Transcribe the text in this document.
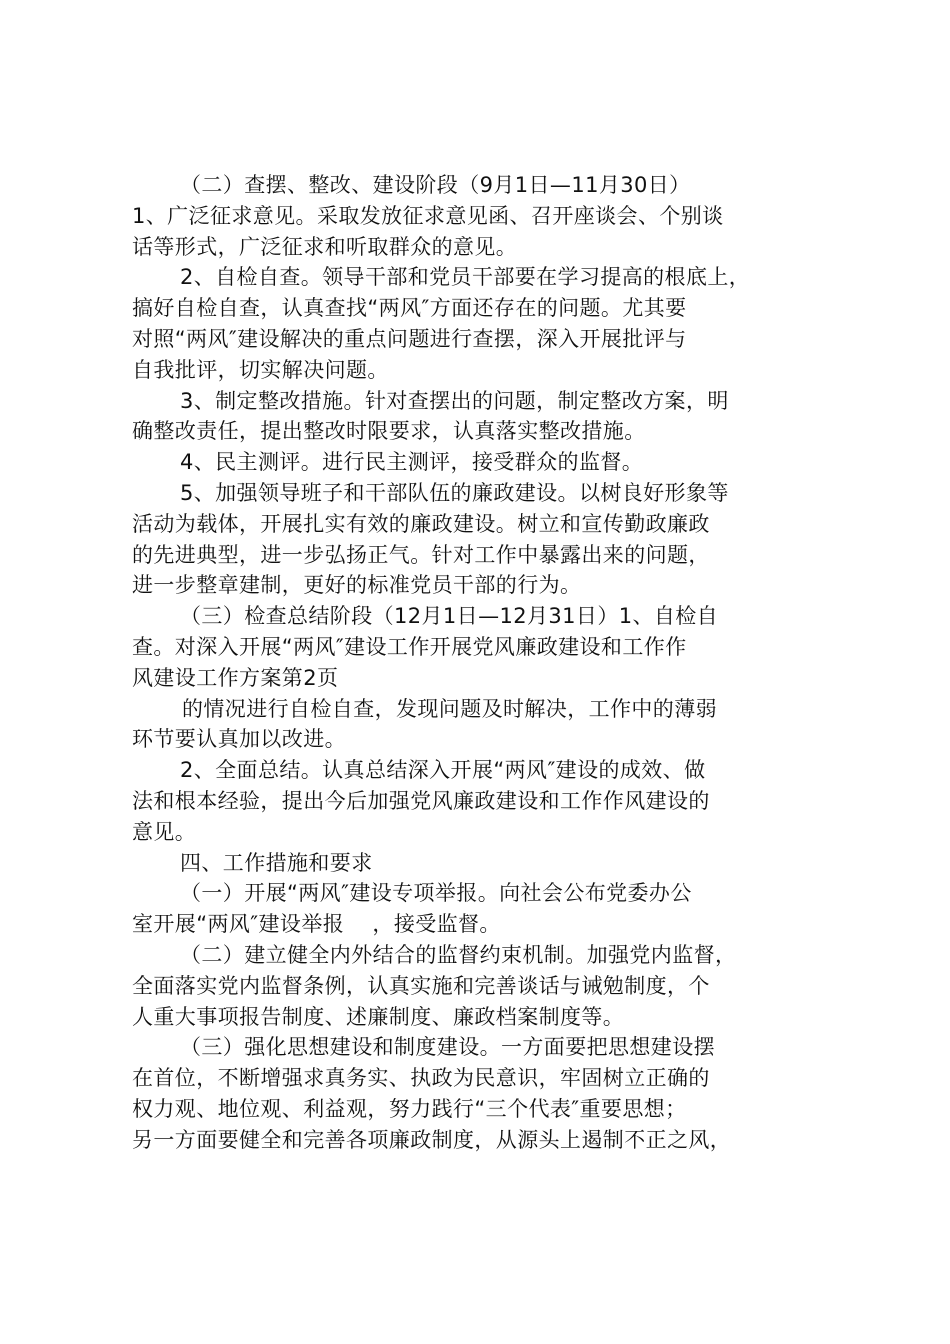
（二）查摆、整改、建设阶段（9月1日—11月30日）
1、广泛征求意见。采取发放征求意见函、召开座谈会、个别谈
话等形式，广泛征求和听取群众的意见。
2、自检自查。领导干部和党员干部要在学习提高的根底上，
搞好自检自查，认真查找“两风″方面还存在的问题。尤其要
对照“两风″建设解决的重点问题进行查摆，深入开展批评与
自我批评，切实解决问题。
3、制定整改措施。针对查摆出的问题，制定整改方案，明
确整改责任，提出整改时限要求，认真落实整改措施。
4、民主测评。进行民主测评，接受群众的监督。
5、加强领导班子和干部队伍的廉政建设。以树良好形象等
活动为载体，开展扎实有效的廉政建设。树立和宣传勤政廉政
的先进典型，进一步弘扬正气。针对工作中暴露出来的问题，
进一步整章建制，更好的标准党员干部的行为。
（三）检查总结阶段（12月1日—12月31日）1、自检自
查。对深入开展“两风″建设工作开展党风廉政建设和工作作
风建设工作方案第2页
的情况进行自检自查，发现问题及时解决，工作中的薄弱
环节要认真加以改进。
2、全面总结。认真总结深入开展“两风″建设的成效、做
法和根本经验，提出今后加强党风廉政建设和工作作风建设的
意见。
四、工作措施和要求
（一）开展“两风″建设专项举报。向社会公布党委办公
室开展“两风″建设举报    ，接受监督。
（二）建立健全内外结合的监督约束机制。加强党内监督，
全面落实党内监督条例，认真实施和完善谈话与诫勉制度，个
人重大事项报告制度、述廉制度、廉政档案制度等。
（三）强化思想建设和制度建设。一方面要把思想建设摆
在首位，不断增强求真务实、执政为民意识，牢固树立正确的
权力观、地位观、利益观，努力践行“三个代表″重要思想；
另一方面要健全和完善各项廉政制度，从源头上遏制不正之风，
